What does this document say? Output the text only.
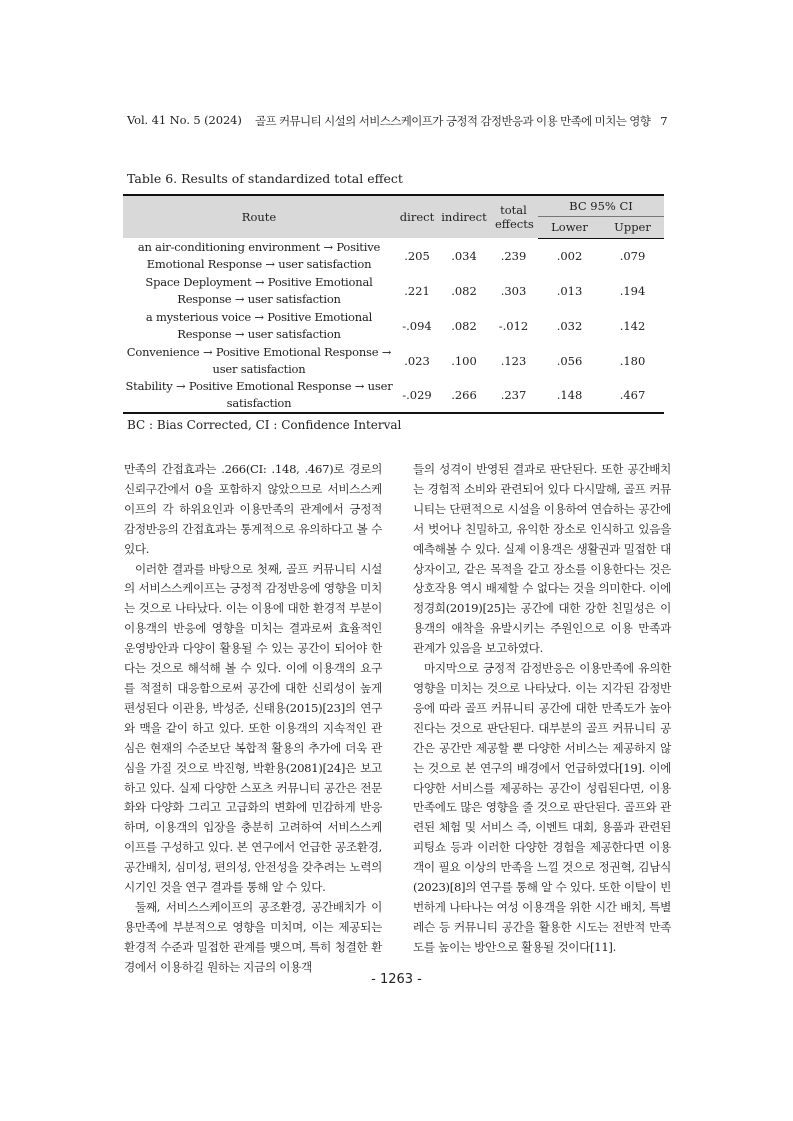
Vol. 41 No. 5 (2024) 골프 커뮤니티 시설의 서비스스케이프가 긍정적 감정반응과 이용 만족에 미치는 영향 7
Table 6. Results of standardized total effect
Route	direct	indirect	total effects	BC 95% CI	
				Lower	Upper
an air-conditioning environment → Positive Emotional Response → user satisfaction	.205	.034	.239	.002	.079
Space Deployment → Positive Emotional Response → user satisfaction	.221	.082	.303	.013	.194
a mysterious voice → Positive Emotional Response → user satisfaction	-.094	.082	-.012	.032	.142
Convenience → Positive Emotional Response → user satisfaction	.023	.100	.123	.056	.180
Stability → Positive Emotional Response → user satisfaction	-.029	.266	.237	.148	.467
BC : Bias Corrected, CI : Confidence Interval

만족의 간접효과는 .266(CI: .148, .467)로 경로의 신뢰구간에서 0을 포함하지 않았으므로 서비스스케이프의 각 하위요인과 이용만족의 관계에서 긍정적 감정반응의 간접효과는 통계적으로 유의하다고 볼 수 있다.

이러한 결과를 바탕으로 첫째, 골프 커뮤니티 시설의 서비스스케이프는 긍정적 감정반응에 영향을 미치는 것으로 나타났다. 이는 이용에 대한 환경적 부분이 이용객의 반응에 영향을 미치는 결과로써 효율적인 운영방안과 다양이 활용될 수 있는 공간이 되어야 한다는 것으로 해석해 볼 수 있다. 이에 이용객의 요구를 적절히 대응함으로써 공간에 대한 신뢰성이 높게 편성된다 이관용, 박성준, 신태용(2015)[23]의 연구와 맥을 같이 하고 있다. 또한 이용객의 지속적인 관심은 현재의 수준보단 복합적 활용의 추가에 더욱 관심을 가질 것으로 박진형, 박환용(2081)[24]은 보고하고 있다. 실제 다양한 스포츠 커뮤니티 공간은 전문화와 다양화 그리고 고급화의 변화에 민감하게 반응하며, 이용객의 입장을 충분히 고려하여 서비스스케이프를 구성하고 있다. 본 연구에서 언급한 공조환경, 공간배치, 심미성, 편의성, 안전성을 갖추려는 노력의 시기인 것을 연구 결과를 통해 알 수 있다.

둘째, 서비스스케이프의 공조환경, 공간배치가 이용만족에 부분적으로 영향을 미치며, 이는 제공되는 환경적 수준과 밀접한 관계를 맺으며, 특히 청결한 환경에서 이용하길 원하는 지금의 이용객

들의 성격이 반영된 결과로 판단된다. 또한 공간배치는 경험적 소비와 관련되어 있다 다시말해, 골프 커뮤니티는 단편적으로 시설을 이용하여 연습하는 공간에서 벗어나 친밀하고, 유익한 장소로 인식하고 있음을 예측해볼 수 있다. 실제 이용객은 생활권과 밀접한 대상자이고, 같은 목적을 같고 장소를 이용한다는 것은 상호작용 역시 배제할 수 없다는 것을 의미한다. 이에 정경희(2019)[25]는 공간에 대한 강한 친밀성은 이용객의 애착을 유발시키는 주원인으로 이용 만족과 관계가 있음을 보고하였다.

마지막으로 긍정적 감정반응은 이용만족에 유의한 영향을 미치는 것으로 나타났다. 이는 지각된 감정반응에 따라 골프 커뮤니티 공간에 대한 만족도가 높아진다는 것으로 판단된다. 대부분의 골프 커뮤니티 공간은 공간만 제공할 뿐 다양한 서비스는 제공하지 않는 것으로 본 연구의 배경에서 언급하였다[19]. 이에 다양한 서비스를 제공하는 공간이 성립된다면, 이용 만족에도 많은 영향을 줄 것으로 판단된다. 골프와 관련된 체험 및 서비스 즉, 이벤트 대회, 용품과 관련된 피팅쇼 등과 이러한 다양한 경험을 제공한다면 이용객이 필요 이상의 만족을 느낄 것으로 정권혁, 김남식(2023)[8]의 연구를 통해 알 수 있다. 또한 이탈이 빈번하게 나타나는 여성 이용객을 위한 시간 배치, 특별 레슨 등 커뮤니티 공간을 활용한 시도는 전반적 만족도를 높이는 방안으로 활용될 것이다[11].

- 1263 -
